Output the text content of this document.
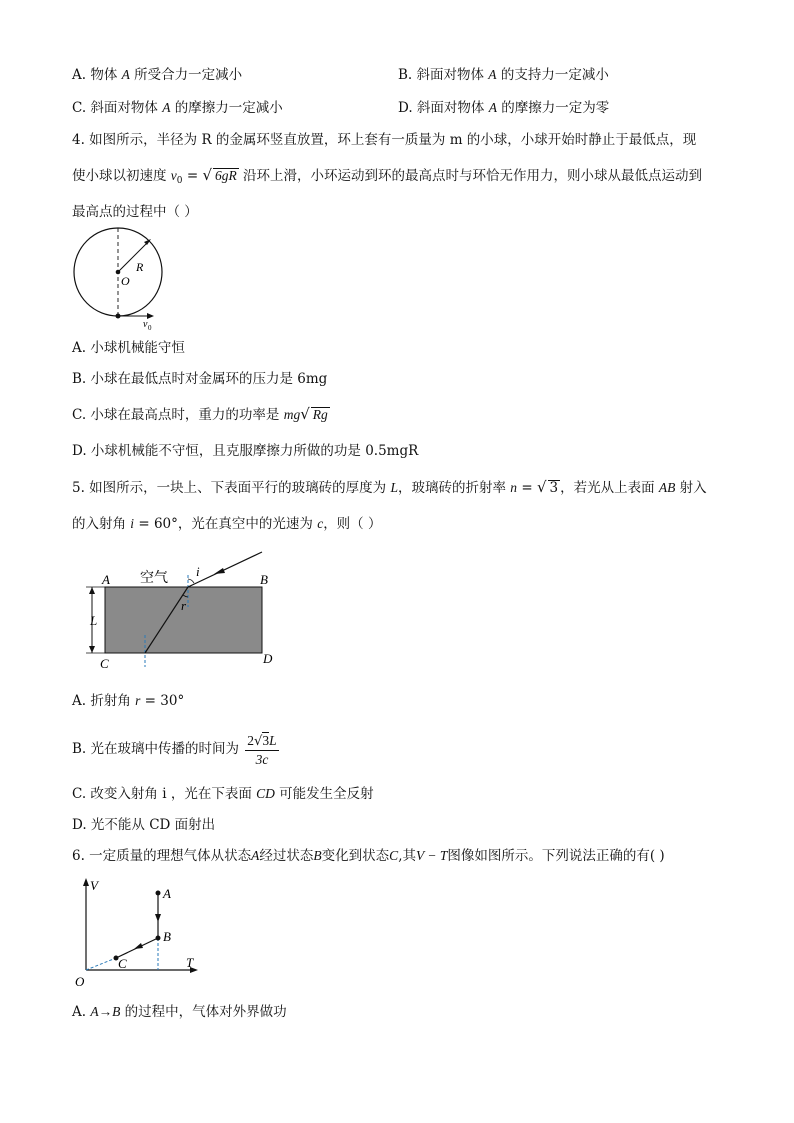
A. 物体 A 所受合力一定减小	B. 斜面对物体 A 的支持力一定减小
C. 斜面对物体 A 的摩擦力一定减小	D. 斜面对物体 A 的摩擦力一定为零
4. 如图所示，半径为 R 的金属环竖直放置，环上套有一质量为 m 的小球，小球开始时静止于最低点，现
使小球以初速度 $v_0$ = √ 6gR 沿环上滑，小环运动到环的最高点时与环恰无作用力，则小球从最低点运动到
最高点的过程中（ ）
R
O
v 0
A. 小球机械能守恒
B. 小球在最低点时对金属环的压力是 6mg
C. 小球在最高点时，重力的功率是 mg√ Rg
D. 小球机械能不守恒，且克服摩擦力所做的功是 0.5mgR
5. 如图所示，一块上、下表面平行的玻璃砖的厚度为 L，玻璃砖的折射率 n = √ 3 ，若光从上表面 AB 射入
的入射角 i = 60°，光在真空中的光速为 c，则（ ）
空气
A	B
C	D
L
i
r
A. 折射角 r = 30°
B. 光在玻璃中传播的时间为 $\frac{2√3L}{3c}$
C. 改变入射角 i ，光在下表面 CD 可能发生全反射
D. 光不能从 CD 面射出
6. 一定质量的理想气体从状态A经过状态B变化到状态C,其V − T图像如图所示。下列说法正确的有( )
V
T
O
A
B
C
A. A→B 的过程中，气体对外界做功
